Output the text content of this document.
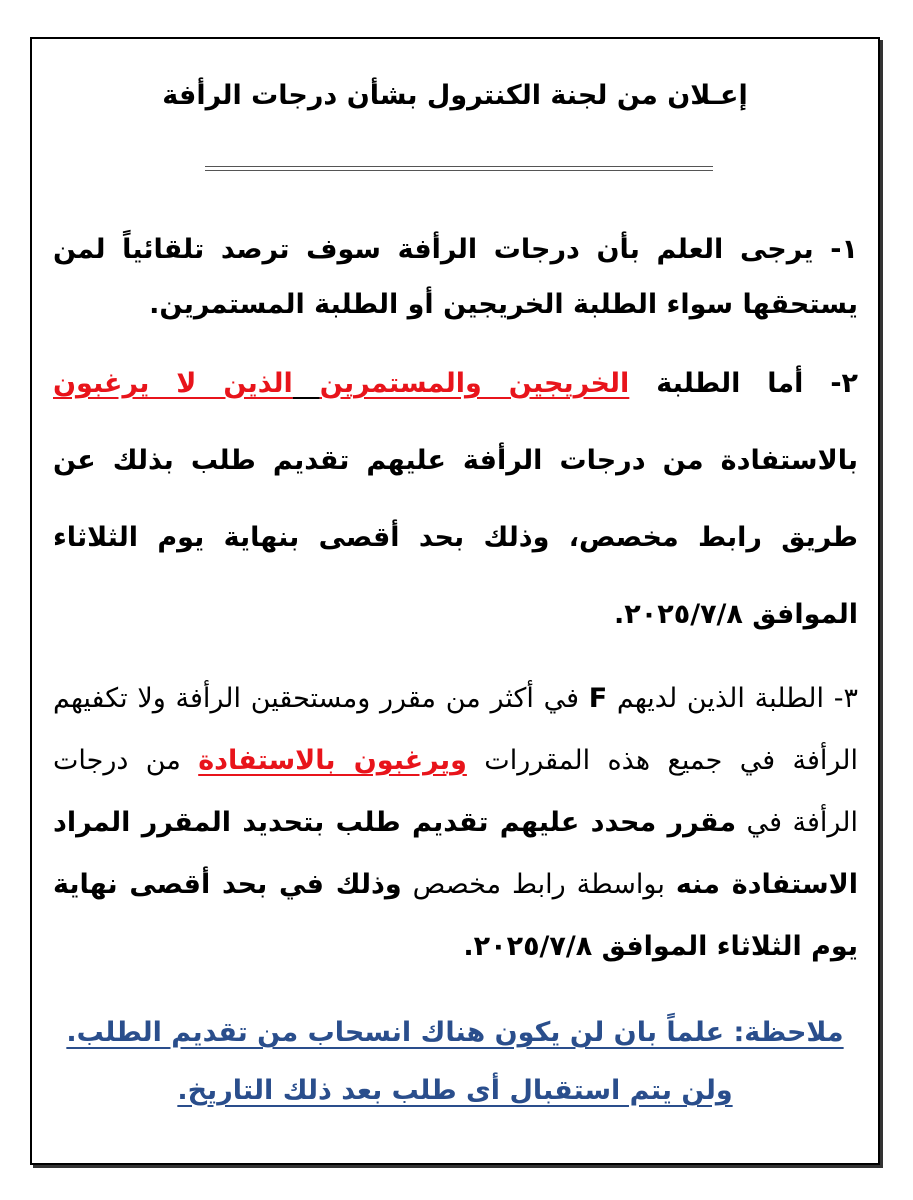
إعـلان من لجنة الكنترول بشأن درجات الرأفة

١- يرجى العلم بأن درجات الرأفة سوف ترصد تلقائياً لمن يستحقها سواء الطلبة الخريجين أو الطلبة المستمرين.

٢- أما الطلبة الخريجين والمستمرين الذين لا يرغبون بالاستفادة من درجات الرأفة عليهم تقديم طلب بذلك عن طريق رابط مخصص، وذلك بحد أقصى بنهاية يوم الثلاثاء الموافق ٢٠٢٥/٧/٨.

٣- الطلبة الذين لديهم F في أكثر من مقرر ومستحقين الرأفة ولا تكفيهم الرأفة في جميع هذه المقررات ويرغبون بالاستفادة من درجات الرأفة في مقرر محدد عليهم تقديم طلب بتحديد المقرر المراد الاستفادة منه بواسطة رابط مخصص وذلك في بحد أقصى نهاية يوم الثلاثاء الموافق ٢٠٢٥/٧/٨.

ملاحظة: علماً بان لن يكون هناك انسحاب من تقديم الطلب.

ولن يتم استقبال أى طلب بعد ذلك التاريخ.
